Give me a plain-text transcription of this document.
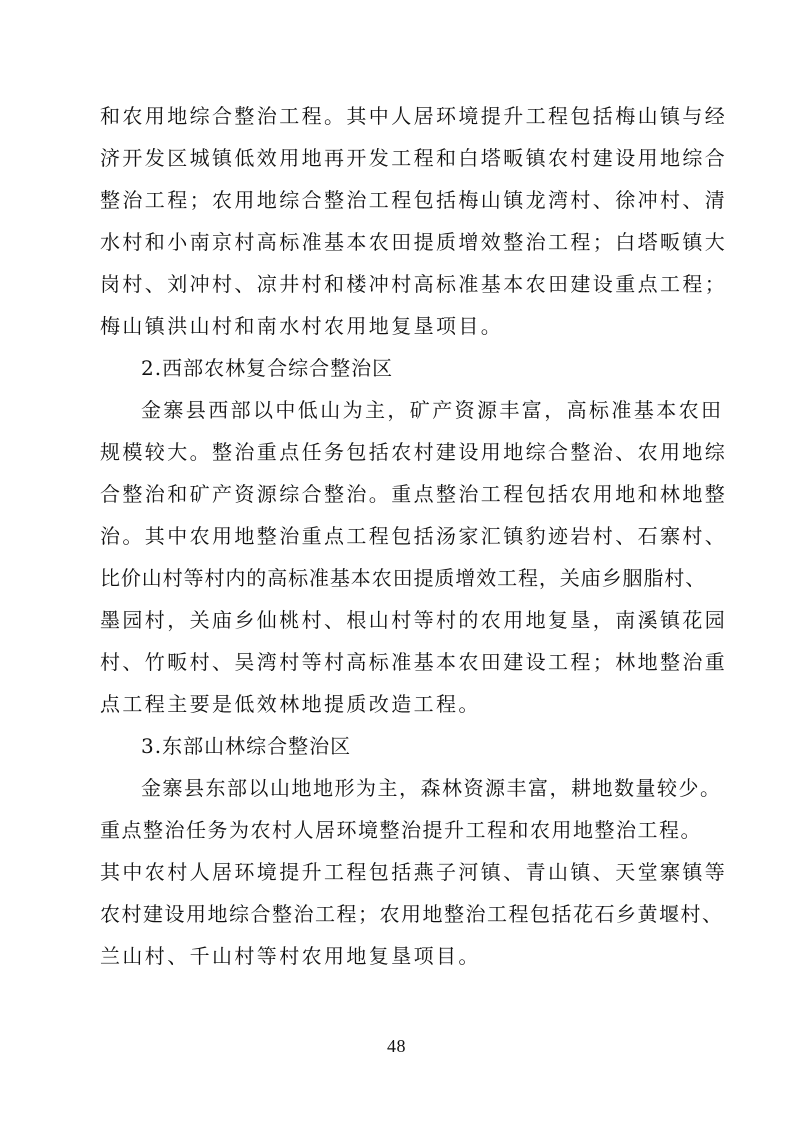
和农用地综合整治工程。其中人居环境提升工程包括梅山镇与经
济开发区城镇低效用地再开发工程和白塔畈镇农村建设用地综合
整治工程；农用地综合整治工程包括梅山镇龙湾村、徐冲村、清
水村和小南京村高标准基本农田提质增效整治工程；白塔畈镇大
岗村、刘冲村、凉井村和楼冲村高标准基本农田建设重点工程；
梅山镇洪山村和南水村农用地复垦项目。
2.西部农林复合综合整治区
金寨县西部以中低山为主，矿产资源丰富，高标准基本农田
规模较大。整治重点任务包括农村建设用地综合整治、农用地综
合整治和矿产资源综合整治。重点整治工程包括农用地和林地整
治。其中农用地整治重点工程包括汤家汇镇豹迹岩村、石寨村、
比价山村等村内的高标准基本农田提质增效工程，关庙乡胭脂村、
墨园村，关庙乡仙桃村、根山村等村的农用地复垦，南溪镇花园
村、竹畈村、吴湾村等村高标准基本农田建设工程；林地整治重
点工程主要是低效林地提质改造工程。
3.东部山林综合整治区
金寨县东部以山地地形为主，森林资源丰富，耕地数量较少。
重点整治任务为农村人居环境整治提升工程和农用地整治工程。
其中农村人居环境提升工程包括燕子河镇、青山镇、天堂寨镇等
农村建设用地综合整治工程；农用地整治工程包括花石乡黄堰村、
兰山村、千山村等村农用地复垦项目。
48
